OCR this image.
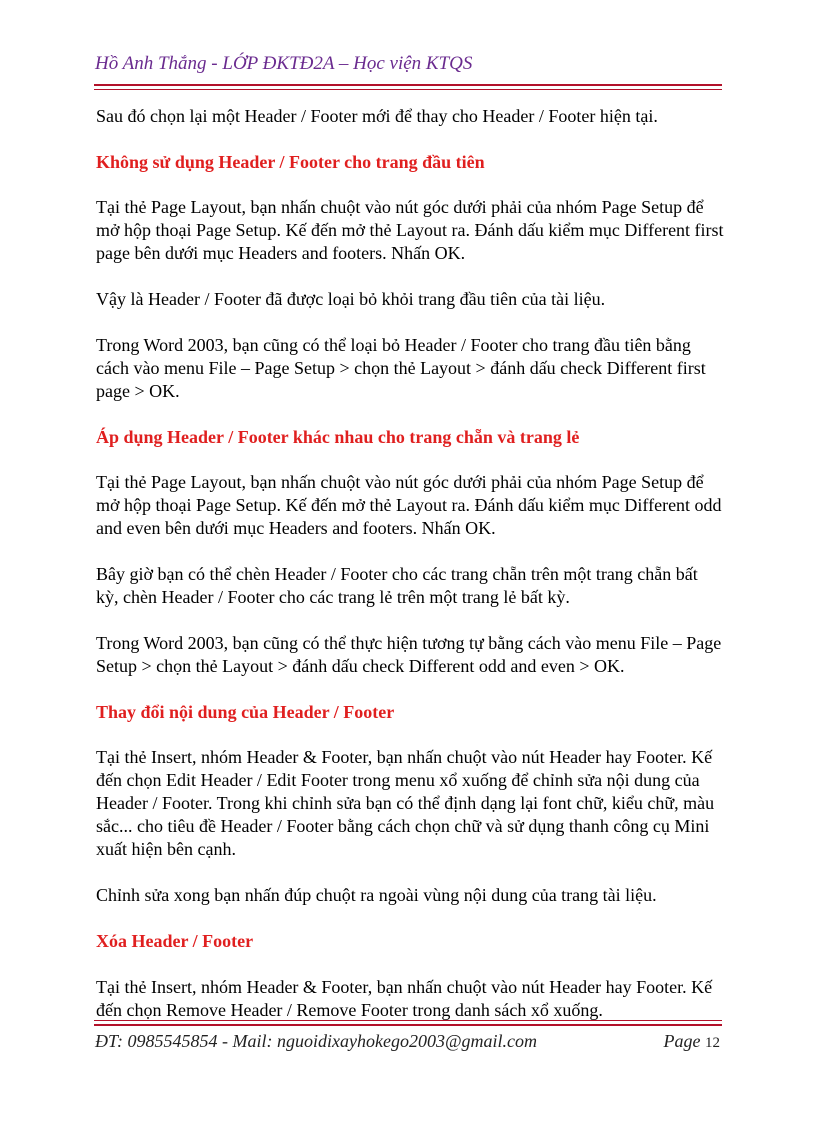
Hồ Anh Thắng - LỚP ĐKTĐ2A – Học viện KTQS

Sau đó chọn lại một Header / Footer mới để thay cho Header / Footer hiện tại.

Không sử dụng Header / Footer cho trang đầu tiên

Tại thẻ Page Layout, bạn nhấn chuột vào nút góc dưới phải của nhóm Page Setup để mở hộp thoại Page Setup. Kế đến mở thẻ Layout ra. Đánh dấu kiểm mục Different first page bên dưới mục Headers and footers. Nhấn OK.

Vậy là Header / Footer đã được loại bỏ khỏi trang đầu tiên của tài liệu.

Trong Word 2003, bạn cũng có thể loại bỏ Header / Footer cho trang đầu tiên bằng cách vào menu File – Page Setup > chọn thẻ Layout > đánh dấu check Different first page > OK.

Áp dụng Header / Footer khác nhau cho trang chẵn và trang lẻ

Tại thẻ Page Layout, bạn nhấn chuột vào nút góc dưới phải của nhóm Page Setup để mở hộp thoại Page Setup. Kế đến mở thẻ Layout ra. Đánh dấu kiểm mục Different odd and even bên dưới mục Headers and footers. Nhấn OK.

Bây giờ bạn có thể chèn Header / Footer cho các trang chẵn trên một trang chẵn bất kỳ, chèn Header / Footer cho các trang lẻ trên một trang lẻ bất kỳ.

Trong Word 2003, bạn cũng có thể thực hiện tương tự bằng cách vào menu File – Page Setup > chọn thẻ Layout > đánh dấu check Different odd and even > OK.

Thay đổi nội dung của Header / Footer

Tại thẻ Insert, nhóm Header & Footer, bạn nhấn chuột vào nút Header hay Footer. Kế đến chọn Edit Header / Edit Footer trong menu xổ xuống để chỉnh sửa nội dung của Header / Footer. Trong khi chỉnh sửa bạn có thể định dạng lại font chữ, kiểu chữ, màu sắc... cho tiêu đề Header / Footer bằng cách chọn chữ và sử dụng thanh công cụ Mini xuất hiện bên cạnh.

Chỉnh sửa xong bạn nhấn đúp chuột ra ngoài vùng nội dung của trang tài liệu.

Xóa Header / Footer

Tại thẻ Insert, nhóm Header & Footer, bạn nhấn chuột vào nút Header hay Footer. Kế đến chọn Remove Header / Remove Footer trong danh sách xổ xuống.

ĐT: 0985545854 - Mail: nguoidixayhokego2003@gmail.com	Page 12
